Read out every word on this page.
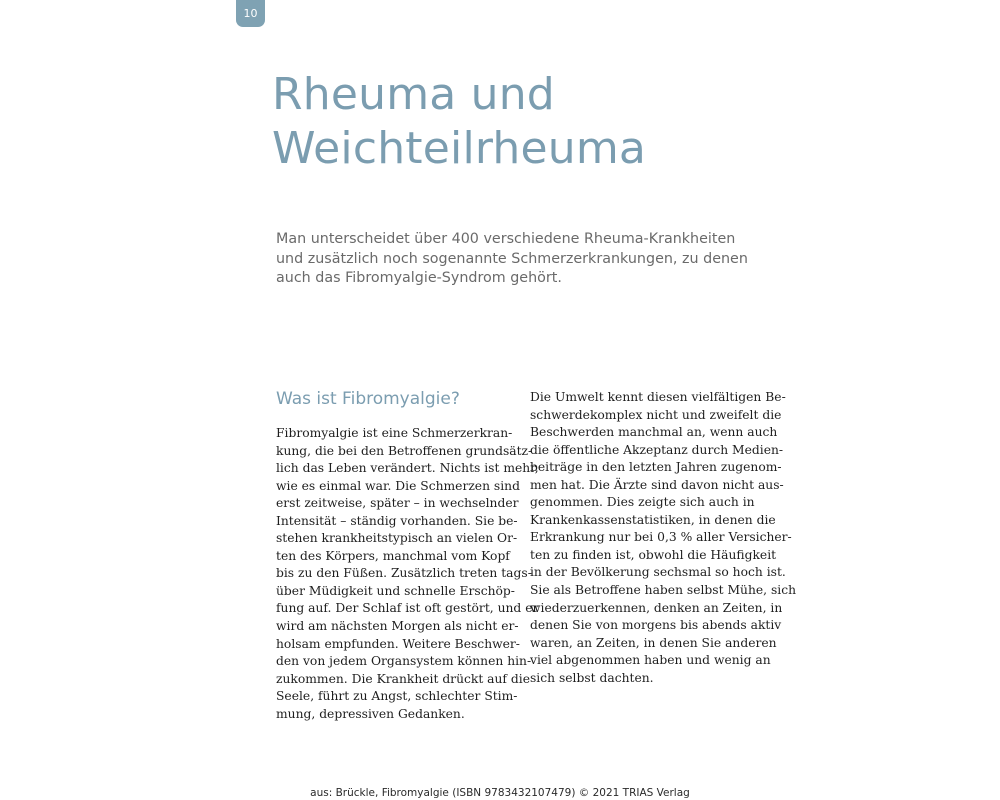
10
Rheuma und
Weichteilrheuma

Man unterscheidet über 400 verschiedene Rheuma-Krankheiten
und zusätzlich noch sogenannte Schmerzerkrankungen, zu denen
auch das Fibromyalgie-Syndrom gehört.

Was ist Fibromyalgie?

Fibromyalgie ist eine Schmerzerkran-
kung, die bei den Betroffenen grundsätz-
lich das Leben verändert. Nichts ist mehr,
wie es einmal war. Die Schmerzen sind
erst zeitweise, später – in wechselnder
Intensität – ständig vorhanden. Sie be-
stehen krankheitstypisch an vielen Or-
ten des Körpers, manchmal vom Kopf
bis zu den Füßen. Zusätzlich treten tags-
über Müdigkeit und schnelle Erschöp-
fung auf. Der Schlaf ist oft gestört, und er
wird am nächsten Morgen als nicht er-
holsam empfunden. Weitere Beschwer-
den von jedem Organsystem können hin-
zukommen. Die Krankheit drückt auf die
Seele, führt zu Angst, schlechter Stim-
mung, depressiven Gedanken.

Die Umwelt kennt diesen vielfältigen Be-
schwerdekomplex nicht und zweifelt die
Beschwerden manchmal an, wenn auch
die öffentliche Akzeptanz durch Medien-
beiträge in den letzten Jahren zugenom-
men hat. Die Ärzte sind davon nicht aus-
genommen. Dies zeigte sich auch in
Krankenkassenstatistiken, in denen die
Erkrankung nur bei 0,3 % aller Versicher-
ten zu finden ist, obwohl die Häufigkeit
in der Bevölkerung sechsmal so hoch ist.
Sie als Betroffene haben selbst Mühe, sich
wiederzuerkennen, denken an Zeiten, in
denen Sie von morgens bis abends aktiv
waren, an Zeiten, in denen Sie anderen
viel abgenommen haben und wenig an
sich selbst dachten.

aus: Brückle, Fibromyalgie (ISBN 9783432107479) © 2021 TRIAS Verlag
